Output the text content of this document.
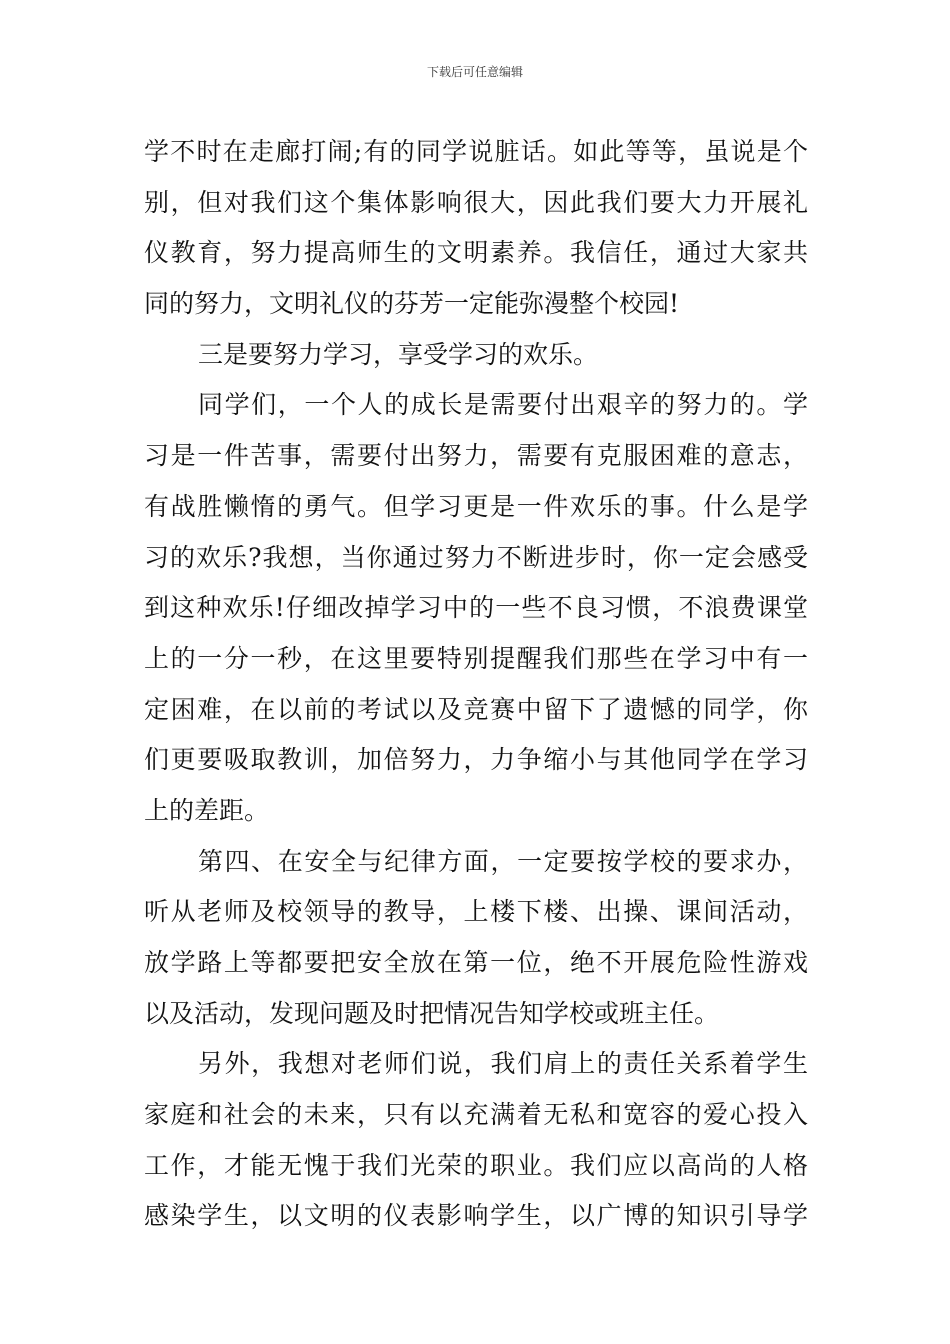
下载后可任意编辑
学不时在走廊打闹;有的同学说脏话。如此等等，虽说是个
别，但对我们这个集体影响很大，因此我们要大力开展礼
仪教育，努力提高师生的文明素养。我信任，通过大家共
同的努力，文明礼仪的芬芳一定能弥漫整个校园!
三是要努力学习，享受学习的欢乐。
同学们，一个人的成长是需要付出艰辛的努力的。学
习是一件苦事，需要付出努力，需要有克服困难的意志，
有战胜懒惰的勇气。但学习更是一件欢乐的事。什么是学
习的欢乐?我想，当你通过努力不断进步时，你一定会感受
到这种欢乐!仔细改掉学习中的一些不良习惯，不浪费课堂
上的一分一秒，在这里要特别提醒我们那些在学习中有一
定困难，在以前的考试以及竞赛中留下了遗憾的同学，你
们更要吸取教训，加倍努力，力争缩小与其他同学在学习
上的差距。
第四、在安全与纪律方面，一定要按学校的要求办，
听从老师及校领导的教导，上楼下楼、出操、课间活动，
放学路上等都要把安全放在第一位，绝不开展危险性游戏
以及活动，发现问题及时把情况告知学校或班主任。
另外，我想对老师们说，我们肩上的责任关系着学生
家庭和社会的未来，只有以充满着无私和宽容的爱心投入
工作，才能无愧于我们光荣的职业。我们应以高尚的人格
感染学生，以文明的仪表影响学生，以广博的知识引导学
